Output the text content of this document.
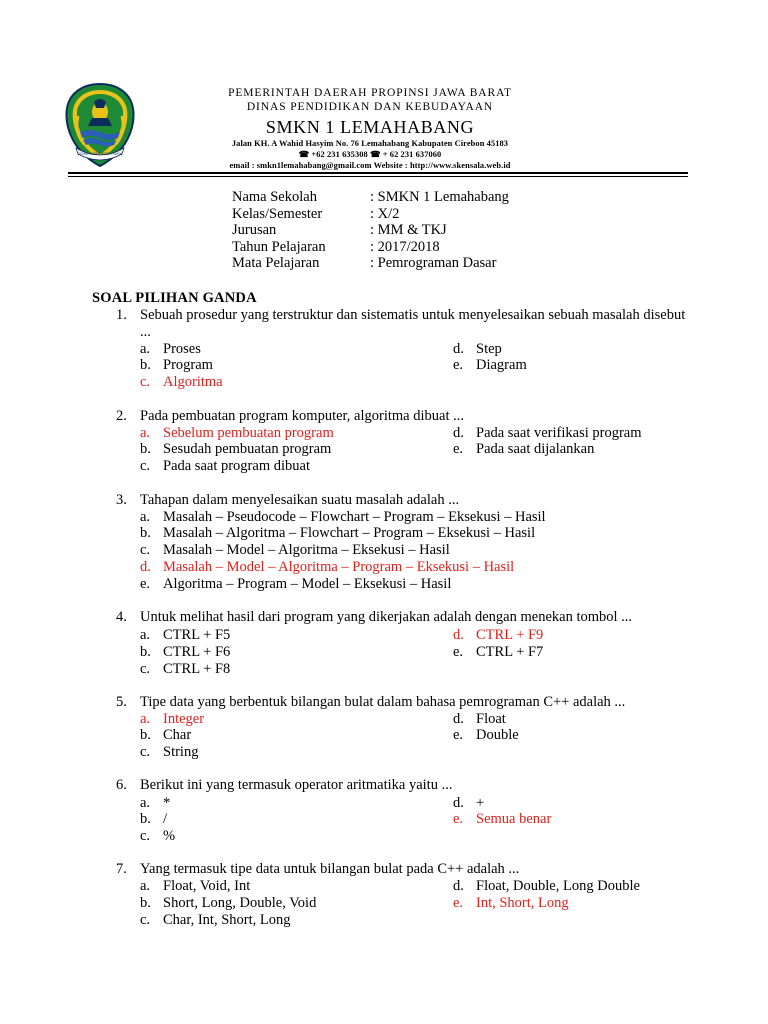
GEMAH RIPAH REPEH RAPIH
PEMERINTAH DAERAH PROPINSI JAWA BARAT
DINAS PENDIDIKAN DAN KEBUDAYAAN
SMKN 1 LEMAHABANG
Jalan KH. A Wahid Hasyim No. 76 Lemahabang Kabupaten Cirebon 45183
☎ +62 231 635308 ☎ + 62 231 637060
email : smkn1lemahabang@gmail.com Website : http://www.skensala.web.id
Nama Sekolah	: SMKN 1 Lemahabang
Kelas/Semester	: X/2
Jurusan	: MM & TKJ
Tahun Pelajaran	: 2017/2018
Mata Pelajaran	: Pemrograman Dasar
SOAL PILIHAN GANDA
1. Sebuah prosedur yang terstruktur dan sistematis untuk menyelesaikan sebuah masalah disebut ...
a. Proses
b. Program
c. Algoritma
d. Step
e. Diagram
2. Pada pembuatan program komputer, algoritma dibuat ...
a. Sebelum pembuatan program
b. Sesudah pembuatan program
c. Pada saat program dibuat
d. Pada saat verifikasi program
e. Pada saat dijalankan
3. Tahapan dalam menyelesaikan suatu masalah adalah ...
a. Masalah – Pseudocode – Flowchart – Program – Eksekusi – Hasil
b. Masalah – Algoritma – Flowchart – Program – Eksekusi – Hasil
c. Masalah – Model – Algoritma – Eksekusi – Hasil
d. Masalah – Model – Algoritma – Program – Eksekusi – Hasil
e. Algoritma – Program – Model – Eksekusi – Hasil
4. Untuk melihat hasil dari program yang dikerjakan adalah dengan menekan tombol ...
a. CTRL + F5
b. CTRL + F6
c. CTRL + F8
d. CTRL + F9
e. CTRL + F7
5. Tipe data yang berbentuk bilangan bulat dalam bahasa pemrograman C++ adalah ...
a. Integer
b. Char
c. String
d. Float
e. Double
6. Berikut ini yang termasuk operator aritmatika yaitu ...
a. *
b. /
c. %
d. +
e. Semua benar
7. Yang termasuk tipe data untuk bilangan bulat pada C++ adalah ...
a. Float, Void, Int
b. Short, Long, Double, Void
c. Char, Int, Short, Long
d. Float, Double, Long Double
e. Int, Short, Long
